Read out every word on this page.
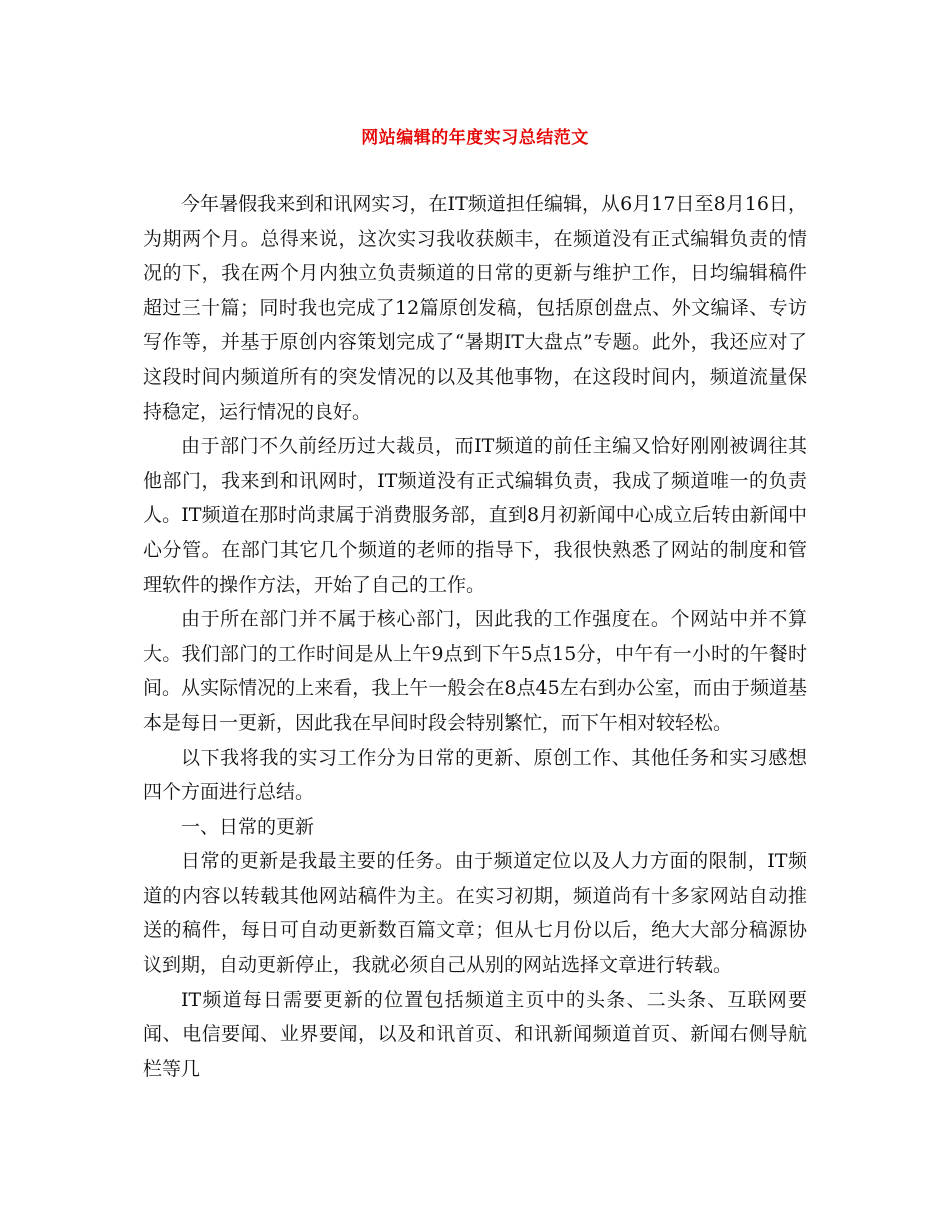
网站编辑的年度实习总结范文

今年暑假我来到和讯网实习，在IT频道担任编辑，从6月17日至8月16日，为期两个月。总得来说，这次实习我收获颇丰，在频道没有正式编辑负责的情况的下，我在两个月内独立负责频道的日常的更新与维护工作，日均编辑稿件超过三十篇；同时我也完成了12篇原创发稿，包括原创盘点、外文编译、专访写作等，并基于原创内容策划完成了“暑期IT大盘点”专题。此外，我还应对了这段时间内频道所有的突发情况的以及其他事物，在这段时间内，频道流量保持稳定，运行情况的良好。

由于部门不久前经历过大裁员，而IT频道的前任主编又恰好刚刚被调往其他部门，我来到和讯网时，IT频道没有正式编辑负责，我成了频道唯一的负责人。IT频道在那时尚隶属于消费服务部，直到8月初新闻中心成立后转由新闻中心分管。在部门其它几个频道的老师的指导下，我很快熟悉了网站的制度和管理软件的操作方法，开始了自己的工作。

由于所在部门并不属于核心部门，因此我的工作强度在。个网站中并不算大。我们部门的工作时间是从上午9点到下午5点15分，中午有一小时的午餐时间。从实际情况的上来看，我上午一般会在8点45左右到办公室，而由于频道基本是每日一更新，因此我在早间时段会特别繁忙，而下午相对较轻松。

以下我将我的实习工作分为日常的更新、原创工作、其他任务和实习感想四个方面进行总结。

一、日常的更新

日常的更新是我最主要的任务。由于频道定位以及人力方面的限制，IT频道的内容以转载其他网站稿件为主。在实习初期，频道尚有十多家网站自动推送的稿件，每日可自动更新数百篇文章；但从七月份以后，绝大大部分稿源协议到期，自动更新停止，我就必须自己从别的网站选择文章进行转载。

IT频道每日需要更新的位置包括频道主页中的头条、二头条、互联网要闻、电信要闻、业界要闻，以及和讯首页、和讯新闻频道首页、新闻右侧导航栏等几
